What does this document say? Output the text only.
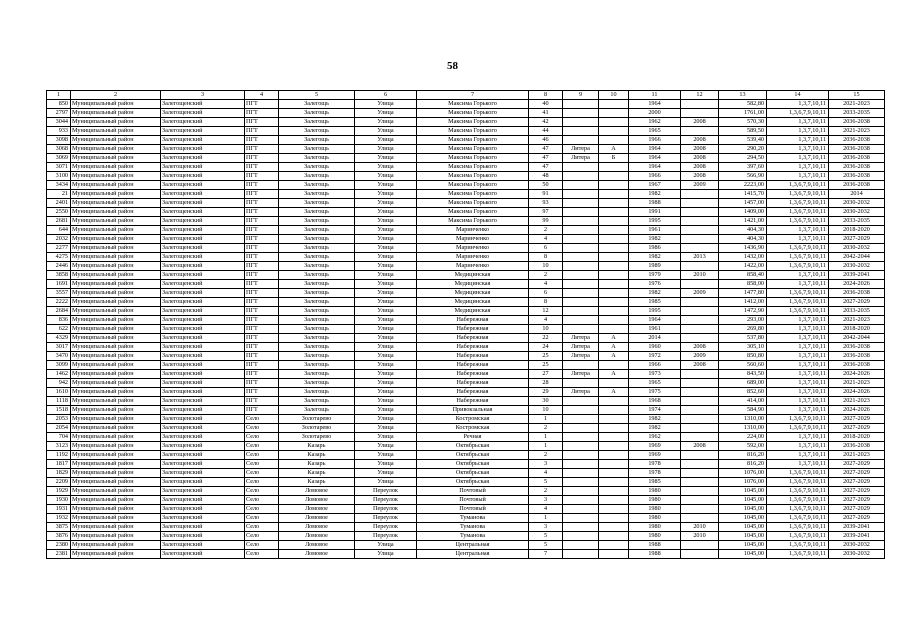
58
1	2	3	4	5	6	7	8	9	10	11	12	13	14	15
850	Муниципальный район	Залегощенский	ПГТ	Залегощь	Улица	Максима Горького	40			1964		582,80	1,3,7,10,11	2021-2023
2797	Муниципальный район	Залегощенский	ПГТ	Залегощь	Улица	Максима Горького	41			2000		1761,00	1,3,6,7,9,10,11	2033-2035
3044	Муниципальный район	Залегощенский	ПГТ	Залегощь	Улица	Максима Горького	42			1962	2008	570,30	1,3,7,10,11	2036-2038
933	Муниципальный район	Залегощенский	ПГТ	Залегощь	Улица	Максима Горького	44			1965		589,50	1,3,7,10,11	2021-2023
3098	Муниципальный район	Залегощенский	ПГТ	Залегощь	Улица	Максима Горького	46			1966	2008	539,40	1,3,7,10,11	2036-2038
3068	Муниципальный район	Залегощенский	ПГТ	Залегощь	Улица	Максима Горького	47	Литера	А	1964	2008	290,20	1,3,7,10,11	2036-2038
3069	Муниципальный район	Залегощенский	ПГТ	Залегощь	Улица	Максима Горького	47	Литера	Б	1964	2008	294,50	1,3,7,10,11	2036-2038
3071	Муниципальный район	Залегощенский	ПГТ	Залегощь	Улица	Максима Горького	47			1964	2008	397,60	1,3,7,10,11	2036-2038
3100	Муниципальный район	Залегощенский	ПГТ	Залегощь	Улица	Максима Горького	48			1966	2008	566,90	1,3,7,10,11	2036-2038
3434	Муниципальный район	Залегощенский	ПГТ	Залегощь	Улица	Максима Горького	50			1967	2009	2223,00	1,3,6,7,9,10,11	2036-2038
21	Муниципальный район	Залегощенский	ПГТ	Залегощь	Улица	Максима Горького	91			1982		1415,70	1,3,6,7,9,10,11	2014
2401	Муниципальный район	Залегощенский	ПГТ	Залегощь	Улица	Максима Горького	93			1988		1457,00	1,3,6,7,9,10,11	2030-2032
2550	Муниципальный район	Залегощенский	ПГТ	Залегощь	Улица	Максима Горького	97			1991		1409,00	1,3,6,7,9,10,11	2030-2032
2681	Муниципальный район	Залегощенский	ПГТ	Залегощь	Улица	Максима Горького	99			1995		1421,00	1,3,6,7,9,10,11	2033-2035
644	Муниципальный район	Залегощенский	ПГТ	Залегощь	Улица	Маринченко	2			1961		404,30	1,3,7,10,11	2018-2020
2032	Муниципальный район	Залегощенский	ПГТ	Залегощь	Улица	Маринченко	4			1982		404,30	1,3,7,10,11	2027-2029
2277	Муниципальный район	Залегощенский	ПГТ	Залегощь	Улица	Маринченко	6			1986		1436,90	1,3,6,7,9,10,11	2030-2032
4275	Муниципальный район	Залегощенский	ПГТ	Залегощь	Улица	Маринченко	8			1982	2013	1432,00	1,3,6,7,9,10,11	2042-2044
2446	Муниципальный район	Залегощенский	ПГТ	Залегощь	Улица	Маринченко	10			1989		1422,00	1,3,6,7,9,10,11	2030-2032
3858	Муниципальный район	Залегощенский	ПГТ	Залегощь	Улица	Медицинская	2			1979	2010	858,40	1,3,7,10,11	2039-2041
1691	Муниципальный район	Залегощенский	ПГТ	Залегощь	Улица	Медицинская	4			1976		858,00	1,3,7,10,11	2024-2026
3557	Муниципальный район	Залегощенский	ПГТ	Залегощь	Улица	Медицинская	6			1982	2009	1477,80	1,3,6,7,9,10,11	2036-2038
2222	Муниципальный район	Залегощенский	ПГТ	Залегощь	Улица	Медицинская	8			1985		1412,00	1,3,6,7,9,10,11	2027-2029
2684	Муниципальный район	Залегощенский	ПГТ	Залегощь	Улица	Медицинская	12			1995		1472,90	1,3,6,7,9,10,11	2033-2035
836	Муниципальный район	Залегощенский	ПГТ	Залегощь	Улица	Набережная	4			1964		293,00	1,3,7,10,11	2021-2023
622	Муниципальный район	Залегощенский	ПГТ	Залегощь	Улица	Набережная	10			1961		269,80	1,3,7,10,11	2018-2020
4329	Муниципальный район	Залегощенский	ПГТ	Залегощь	Улица	Набережная	22	Литера	А	2014		537,80	1,3,7,10,11	2042-2044
3017	Муниципальный район	Залегощенский	ПГТ	Залегощь	Улица	Набережная	24	Литера	А	1960	2008	305,10	1,3,7,10,11	2036-2038
3470	Муниципальный район	Залегощенский	ПГТ	Залегощь	Улица	Набережная	25	Литера	А	1972	2009	850,80	1,3,7,10,11	2036-2038
3099	Муниципальный район	Залегощенский	ПГТ	Залегощь	Улица	Набережная	25			1966	2008	560,60	1,3,7,10,11	2036-2038
1462	Муниципальный район	Залегощенский	ПГТ	Залегощь	Улица	Набережная	27	Литера	А	1973		843,50	1,3,7,10,11	2024-2026
942	Муниципальный район	Залегощенский	ПГТ	Залегощь	Улица	Набережная	28			1965		689,00	1,3,7,10,11	2021-2023
1610	Муниципальный район	Залегощенский	ПГТ	Залегощь	Улица	Набережная	29	Литера	А	1975		852,60	1,3,7,10,11	2024-2026
1118	Муниципальный район	Залегощенский	ПГТ	Залегощь	Улица	Набережная	30			1968		414,00	1,3,7,10,11	2021-2023
1518	Муниципальный район	Залегощенский	ПГТ	Залегощь	Улица	Привокзальная	10			1974		584,90	1,3,7,10,11	2024-2026
2053	Муниципальный район	Залегощенский	Село	Золотарево	Улица	Костромская	1			1982		1310,00	1,3,6,7,9,10,11	2027-2029
2054	Муниципальный район	Залегощенский	Село	Золотарево	Улица	Костромская	2			1982		1310,00	1,3,6,7,9,10,11	2027-2029
704	Муниципальный район	Залегощенский	Село	Золотарево	Улица	Речная	1			1962		224,00	1,3,7,10,11	2018-2020
3123	Муниципальный район	Залегощенский	Село	Казарь	Улица	Октябрьская	1			1969	2008	592,00	1,3,7,10,11	2036-2038
1192	Муниципальный район	Залегощенский	Село	Казарь	Улица	Октябрьская	2			1969		816,20	1,3,7,10,11	2021-2023
1817	Муниципальный район	Залегощенский	Село	Казарь	Улица	Октябрьская	3			1978		816,20	1,3,7,10,11	2027-2029
1829	Муниципальный район	Залегощенский	Село	Казарь	Улица	Октябрьская	4			1978		1076,00	1,3,6,7,9,10,11	2027-2029
2209	Муниципальный район	Залегощенский	Село	Казарь	Улица	Октябрьская	5			1985		1076,00	1,3,6,7,9,10,11	2027-2029
1929	Муниципальный район	Залегощенский	Село	Ломовое	Переулок	Почтовый	2			1980		1045,00	1,3,6,7,9,10,11	2027-2029
1930	Муниципальный район	Залегощенский	Село	Ломовое	Переулок	Почтовый	3			1980		1045,00	1,3,6,7,9,10,11	2027-2029
1931	Муниципальный район	Залегощенский	Село	Ломовое	Переулок	Почтовый	4			1980		1045,00	1,3,6,7,9,10,11	2027-2029
1932	Муниципальный район	Залегощенский	Село	Ломовое	Переулок	Туманова	1			1980		1045,00	1,3,6,7,9,10,11	2027-2029
3875	Муниципальный район	Залегощенский	Село	Ломовое	Переулок	Туманова	3			1980	2010	1045,00	1,3,6,7,9,10,11	2039-2041
3876	Муниципальный район	Залегощенский	Село	Ломовое	Переулок	Туманова	5			1980	2010	1045,00	1,3,6,7,9,10,11	2039-2041
2380	Муниципальный район	Залегощенский	Село	Ломовое	Улица	Центральная	5			1988		1045,00	1,3,6,7,9,10,11	2030-2032
2381	Муниципальный район	Залегощенский	Село	Ломовое	Улица	Центральная	7			1988		1045,00	1,3,6,7,9,10,11	2030-2032
